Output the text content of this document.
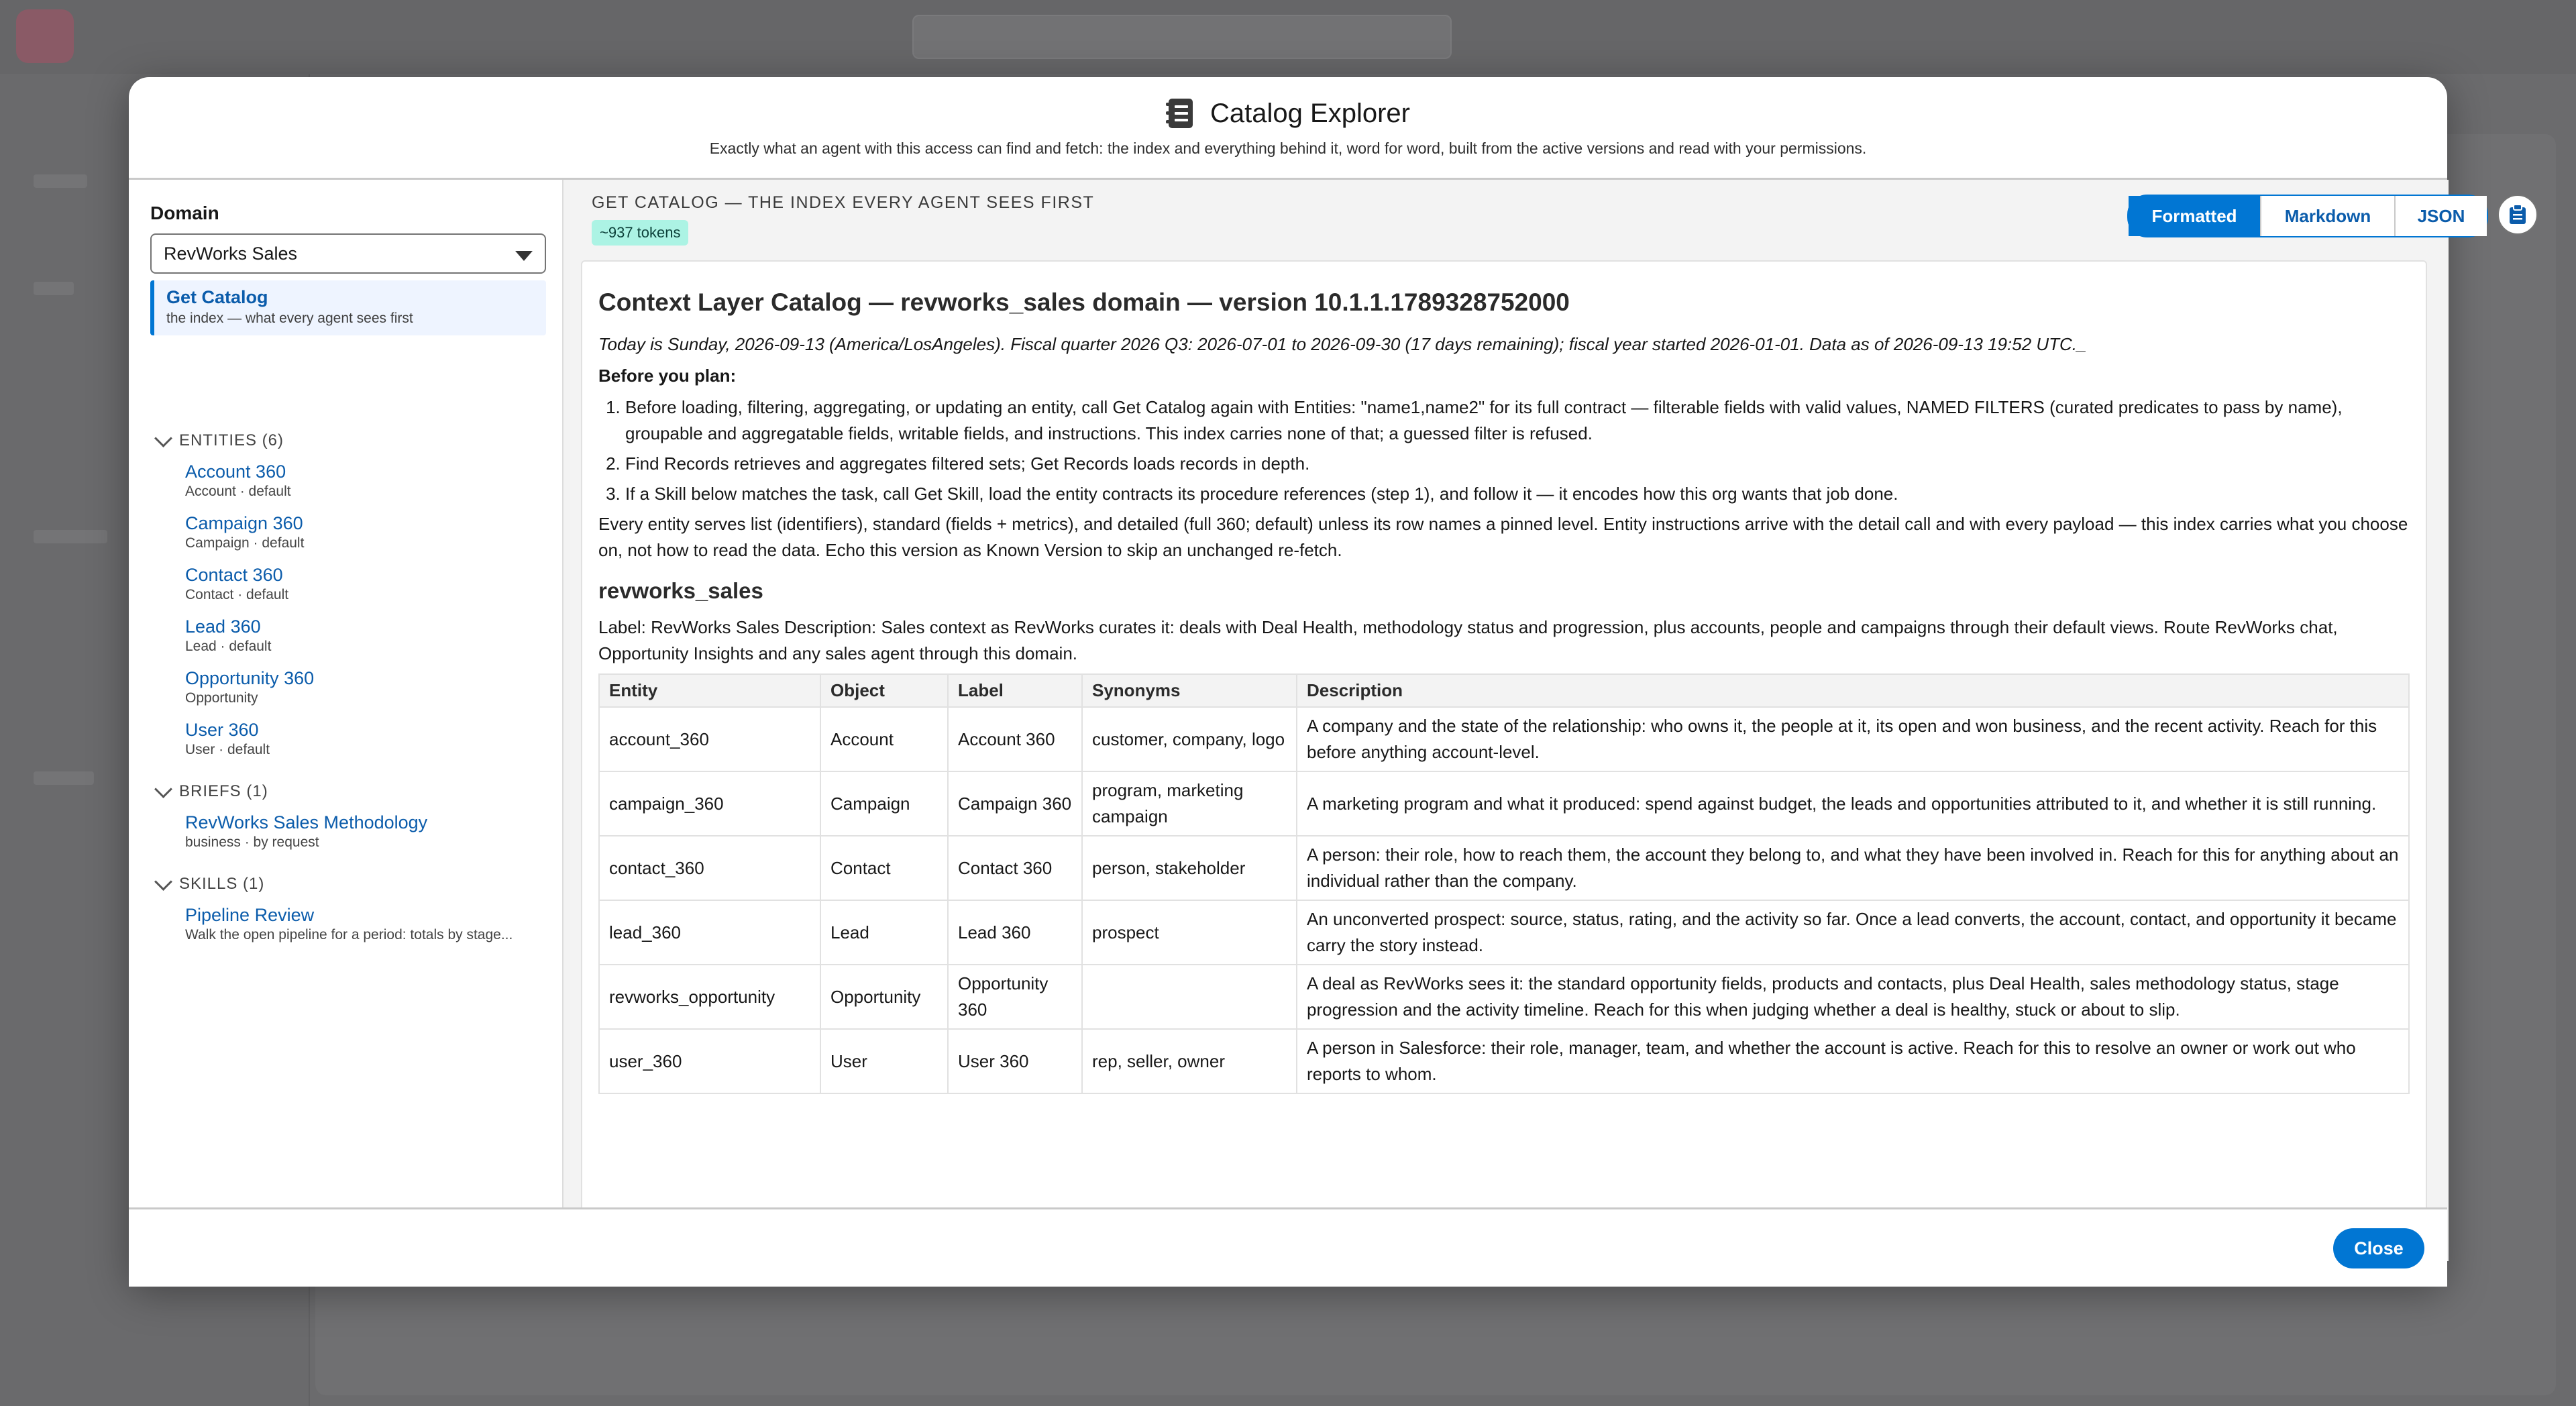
Catalog Explorer
Exactly what an agent with this access can find and fetch: the index and everything behind it, word for word, built from the active versions and read with your permissions.
Domain
RevWorks Sales
Get Catalog
the index — what every agent sees first
ENTITIES (6)
Account 360
Account · default
Campaign 360
Campaign · default
Contact 360
Contact · default
Lead 360
Lead · default
Opportunity 360
Opportunity
User 360
User · default
BRIEFS (1)
RevWorks Sales Methodology
business · by request
SKILLS (1)
Pipeline Review
Walk the open pipeline for a period: totals by stage...
GET CATALOG — THE INDEX EVERY AGENT SEES FIRST
~937 tokens
Formatted	Markdown	JSON
Context Layer Catalog — revworks_sales domain — version 10.1.1.1789328752000
Today is Sunday, 2026-09-13 (America/LosAngeles). Fiscal quarter 2026 Q3: 2026-07-01 to 2026-09-30 (17 days remaining); fiscal year started 2026-01-01. Data as of 2026-09-13 19:52 UTC._
Before you plan:
1. Before loading, filtering, aggregating, or updating an entity, call Get Catalog again with Entities: "name1,name2" for its full contract — filterable fields with valid values, NAMED FILTERS (curated predicates to pass by name), groupable and aggregatable fields, writable fields, and instructions. This index carries none of that; a guessed filter is refused.
2. Find Records retrieves and aggregates filtered sets; Get Records loads records in depth.
3. If a Skill below matches the task, call Get Skill, load the entity contracts its procedure references (step 1), and follow it — it encodes how this org wants that job done.
Every entity serves list (identifiers), standard (fields + metrics), and detailed (full 360; default) unless its row names a pinned level. Entity instructions arrive with the detail call and with every payload — this index carries what you choose on, not how to read the data. Echo this version as Known Version to skip an unchanged re-fetch.
revworks_sales
Label: RevWorks Sales Description: Sales context as RevWorks curates it: deals with Deal Health, methodology status and progression, plus accounts, people and campaigns through their default views. Route RevWorks chat, Opportunity Insights and any sales agent through this domain.
Entity	Object	Label	Synonyms	Description
account_360	Account	Account 360	customer, company, logo	A company and the state of the relationship: who owns it, the people at it, its open and won business, and the recent activity. Reach for this before anything account-level.
campaign_360	Campaign	Campaign 360	program, marketing campaign	A marketing program and what it produced: spend against budget, the leads and opportunities attributed to it, and whether it is still running.
contact_360	Contact	Contact 360	person, stakeholder	A person: their role, how to reach them, the account they belong to, and what they have been involved in. Reach for this for anything about an individual rather than the company.
lead_360	Lead	Lead 360	prospect	An unconverted prospect: source, status, rating, and the activity so far. Once a lead converts, the account, contact, and opportunity it became carry the story instead.
revworks_opportunity	Opportunity	Opportunity 360		A deal as RevWorks sees it: the standard opportunity fields, products and contacts, plus Deal Health, sales methodology status, stage progression and the activity timeline. Reach for this when judging whether a deal is healthy, stuck or about to slip.
user_360	User	User 360	rep, seller, owner	A person in Salesforce: their role, manager, team, and whether the account is active. Reach for this to resolve an owner or work out who reports to whom.
Close
